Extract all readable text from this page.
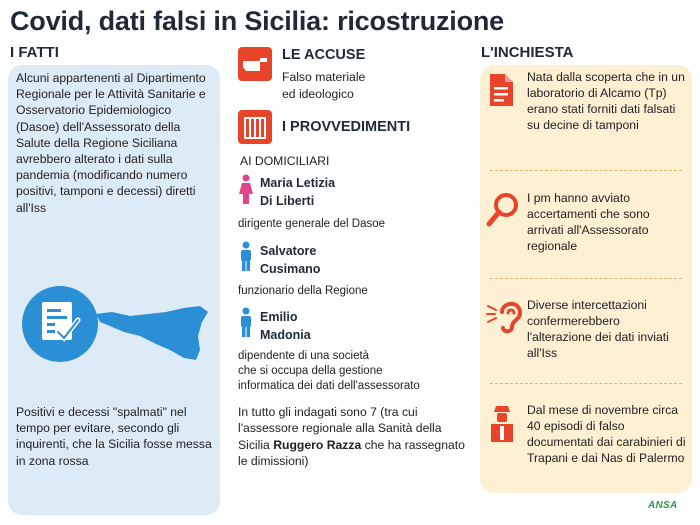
Covid, dati falsi in Sicilia: ricostruzione
I FATTI
Alcuni appartenenti al Dipartimento Regionale per le Attività Sanitarie e Osservatorio Epidemiologico (Dasoe) dell'Assessorato della Salute della Regione Siciliana avrebbero alterato i dati sulla pandemia (modificando numero positivi, tamponi e decessi) diretti all'Iss
Positivi e decessi "spalmati" nel tempo per evitare, secondo gli inquirenti, che la Sicilia fosse messa in zona rossa
LE ACCUSE
Falso materiale
ed ideologico
I PROVVEDIMENTI
AI DOMICILIARI
Maria Letizia
Di Liberti
dirigente generale del Dasoe
Salvatore
Cusimano
funzionario della Regione
Emilio
Madonia
dipendente di una società
che si occupa della gestione
informatica dei dati dell'assessorato
In tutto gli indagati sono 7 (tra cui l'assessore regionale alla Sanità della Sicilia Ruggero Razza che ha rassegnato le dimissioni)
L'INCHIESTA
Nata dalla scoperta che in un laboratorio di Alcamo (Tp) erano stati forniti dati falsati su decine di tamponi
I pm hanno avviato accertamenti che sono arrivati all'Assessorato regionale
Diverse intercettazioni confermerebbero l'alterazione dei dati inviati all'Iss
Dal mese di novembre circa 40 episodi di falso documentati dai carabinieri di Trapani e dai Nas di Palermo
ANSA
